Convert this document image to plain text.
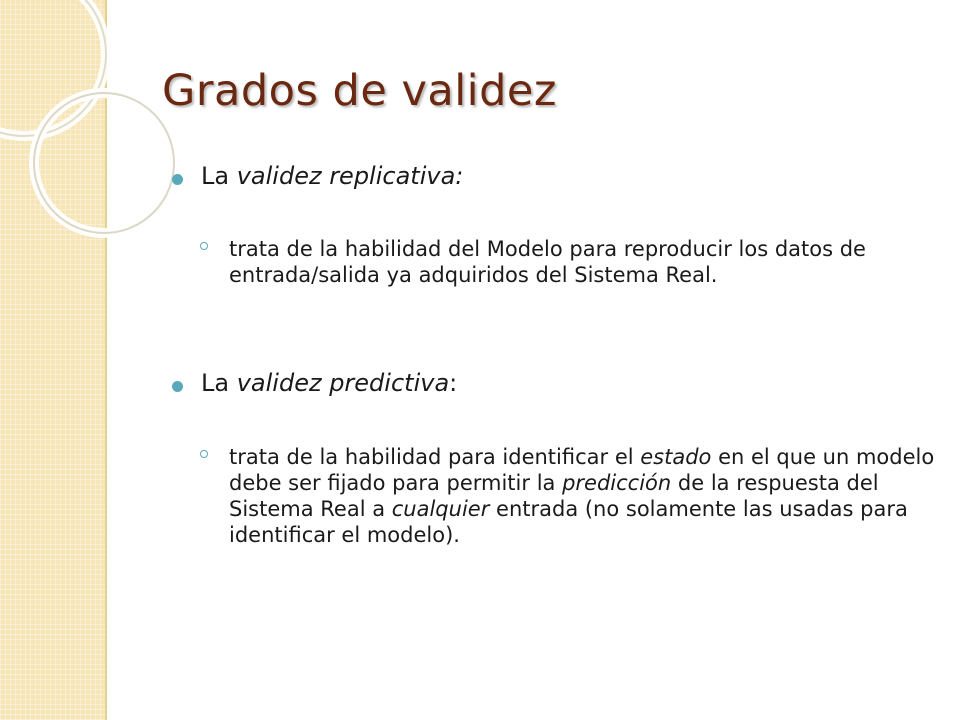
Grados de validez
La validez replicativa:
trata de la habilidad del Modelo para reproducir los datos de entrada/salida ya adquiridos del Sistema Real.
La validez predictiva:
trata de la habilidad para identificar el estado en el que un modelo debe ser fijado para permitir la predicción de la respuesta del Sistema Real a cualquier entrada (no solamente las usadas para identificar el modelo).
